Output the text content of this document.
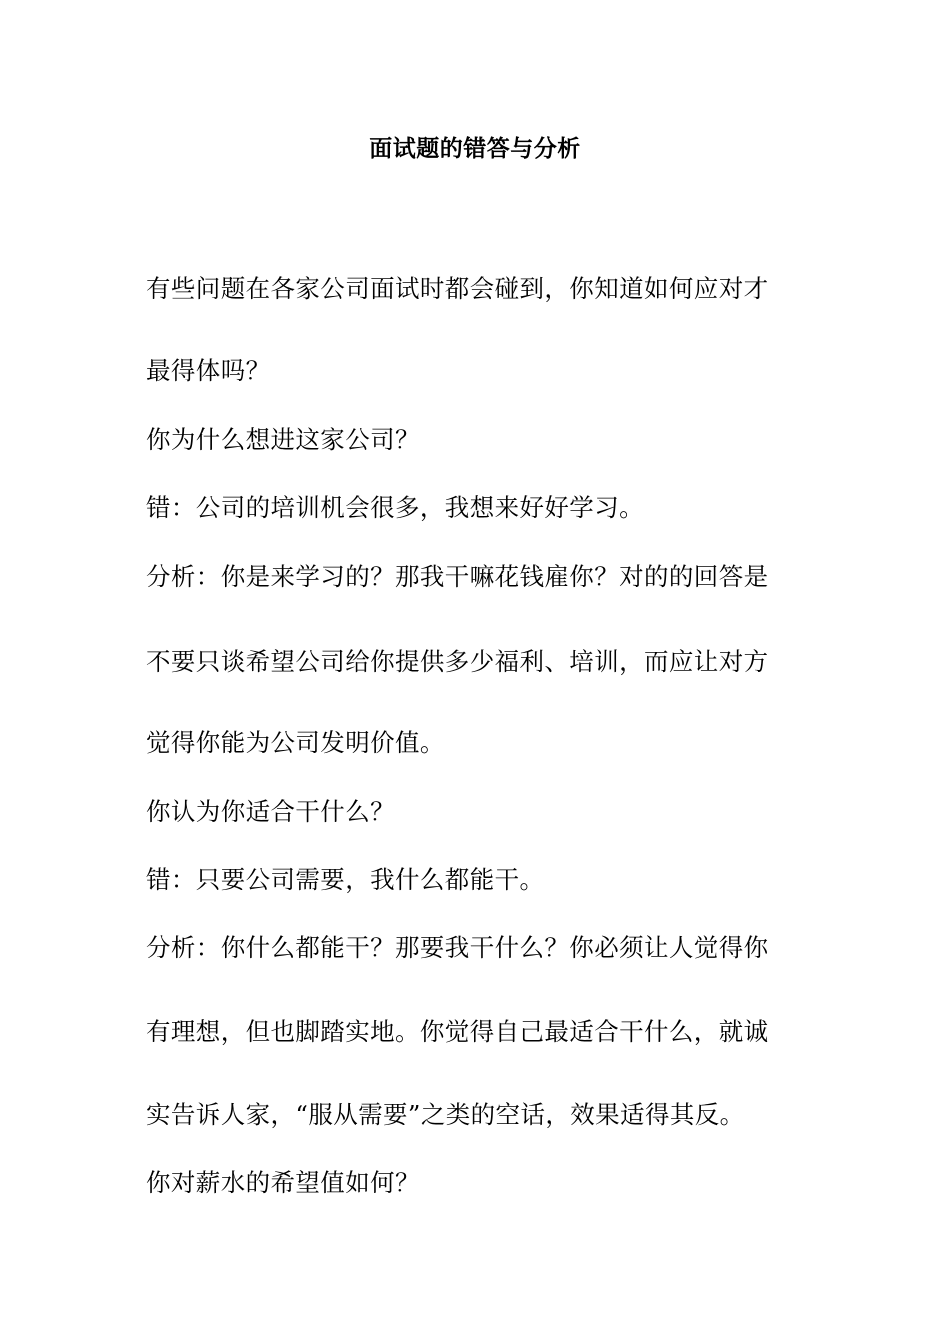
面试题的错答与分析
有些问题在各家公司面试时都会碰到，你知道如何应对才
最得体吗？
你为什么想进这家公司？
错：公司的培训机会很多，我想来好好学习。
分析：你是来学习的？那我干嘛花钱雇你？对的的回答是
不要只谈希望公司给你提供多少福利、培训，而应让对方
觉得你能为公司发明价值。
你认为你适合干什么？
错：只要公司需要，我什么都能干。
分析：你什么都能干？那要我干什么？你必须让人觉得你
有理想，但也脚踏实地。你觉得自己最适合干什么，就诚
实告诉人家，“服从需要”之类的空话，效果适得其反。
你对薪水的希望值如何？
